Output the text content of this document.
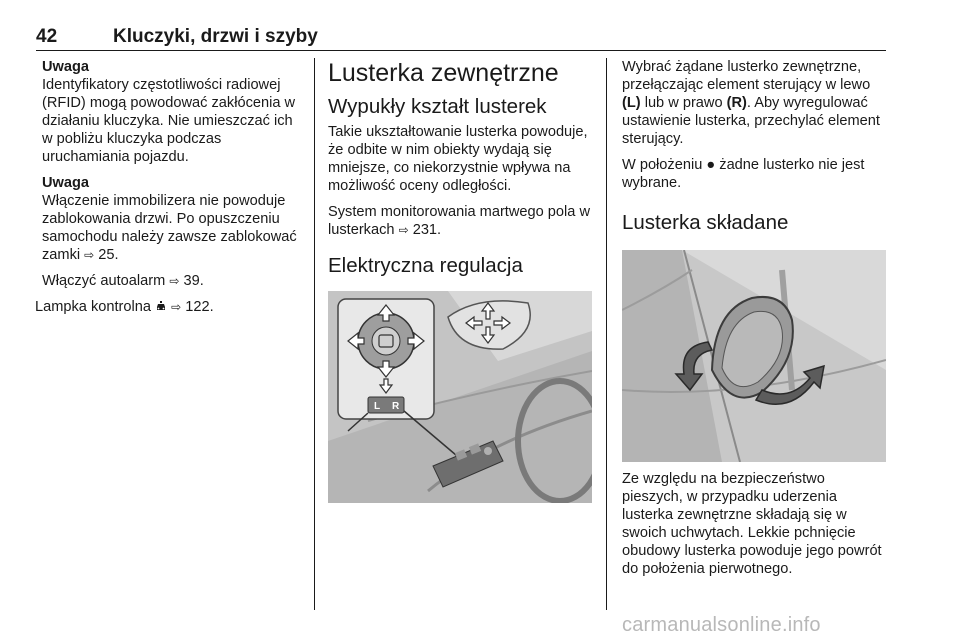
42	Kluczyki, drzwi i szyby
Uwaga

Identyfikatory częstotliwości radiowej (RFID) mogą powodować zakłócenia w działaniu kluczyka. Nie umieszczać ich w pobliżu kluczyka podczas uruchamiania pojazdu.

Uwaga

Włączenie immobilizera nie powoduje zablokowania drzwi. Po opuszczeniu samochodu należy zawsze zablokować zamki ⇨ 25.

Włączyć autoalarm ⇨ 39.

Lampka kontrolna ⇨ 122.

Lusterka zewnętrzne
Wypukły kształt lusterek

Takie ukształtowanie lusterka powoduje, że odbite w nim obiekty wydają się mniejsze, co niekorzystnie wpływa na możliwość oceny odległości.

System monitorowania martwego pola w lusterkach ⇨ 231.

Elektryczna regulacja
L R

Wybrać żądane lusterko zewnętrzne, przełączając element sterujący w lewo (L) lub w prawo (R). Aby wyregulować ustawienie lusterka, przechylać element sterujący.

W położeniu ● żadne lusterko nie jest wybrane.

Lusterka składane

Ze względu na bezpieczeństwo pieszych, w przypadku uderzenia lusterka zewnętrzne składają się w swoich uchwytach. Lekkie pchnięcie obudowy lusterka powoduje jego powrót do położenia pierwotnego.

carmanualsonline.info
